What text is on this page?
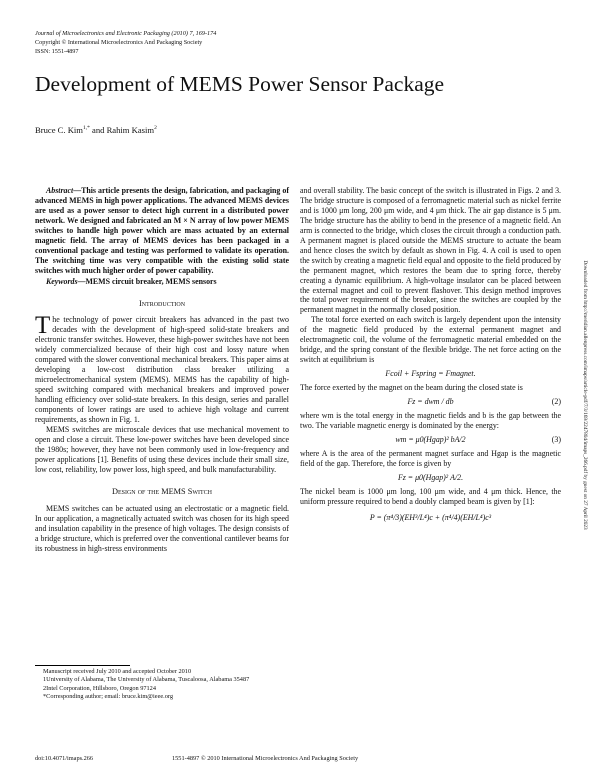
Journal of Microelectronics and Electronic Packaging (2010) 7, 169-174
Copyright © International Microelectronics And Packaging Society
ISSN: 1551-4897
Development of MEMS Power Sensor Package
Bruce C. Kim$^{1,*}$ and Rahim Kasim$^2$

Abstract—This article presents the design, fabrication, and packaging of advanced MEMS in high power applications. The advanced MEMS devices are used as a power sensor to detect high current in a distributed power network. We designed and fabricated an M × N array of low power MEMS switches to handle high power which are mass actuated by an external magnetic field. The array of MEMS devices has been packaged in a conventional package and testing was performed to validate its operation. The switching time was very compatible with the existing solid state switches with much higher order of power capability.

Keywords—MEMS circuit breaker, MEMS sensors

Introduction

The technology of power circuit breakers has advanced in the past two decades with the development of high-speed solid-state breakers and electronic transfer switches. However, these high-power switches have not been widely commercialized because of their high cost and lossy nature when compared with the slower conventional mechanical breakers. This paper aims at developing a low-cost distribution class breaker utilizing a microelectromechanical system (MEMS). MEMS has the capability of high-speed switching compared with mechanical breakers and improved power handling efficiency over solid-state breakers. In this design, series and parallel components of lower ratings are used to achieve high voltage and current requirements, as shown in Fig. 1.

MEMS switches are microscale devices that use mechanical movement to open and close a circuit. These low-power switches have been developed since the 1980s; however, they have not been commonly used in low-frequency and power applications [1]. Benefits of using these devices include their small size, low cost, reliability, low power loss, high speed, and bulk manufacturability.

Design of the MEMS Switch

MEMS switches can be actuated using an electrostatic or a magnetic field. In our application, a magnetically actuated switch was chosen for its high speed and insulation capability in the presence of high voltages. The design consists of a bridge structure, which is preferred over the conventional cantilever beams for its robustness in high-stress environments

and overall stability. The basic concept of the switch is illustrated in Figs. 2 and 3. The bridge structure is composed of a ferromagnetic material such as nickel ferrite and is 1000 μm long, 200 μm wide, and 4 μm thick. The air gap distance is 5 μm. The bridge structure has the ability to bend in the presence of a magnetic field. An arm is connected to the bridge, which closes the circuit through a conduction path. A permanent magnet is placed outside the MEMS structure to actuate the beam and hence closes the switch by default as shown in Fig. 4. A coil is used to open the switch by creating a magnetic field equal and opposite to the field produced by the permanent magnet, which restores the beam due to spring force, thereby creating a dynamic equilibrium. A high-voltage insulator can be placed between the external magnet and coil to prevent flashover. This design method improves the total power requirement of the breaker, since the switches are coupled by the permanent magnet in the normally closed position.

The total force exerted on each switch is largely dependent upon the intensity of the magnetic field produced by the external permanent magnet and electromagnetic coil, the volume of the ferromagnetic material embedded on the bridge, and the spring constant of the flexible bridge. The net force acting on the switch at equilibrium is

Fcoil + Fspring = Fmagnet.

The force exerted by the magnet on the beam during the closed state is

Fz = dwm / db	(2)

where wm is the total energy in the magnetic fields and b is the gap between the two. The variable magnetic energy is dominated by the energy:

wm = μ0(Hgap)² bA/2	(3)

where A is the area of the permanent magnet surface and Hgap is the magnetic field of the gap. Therefore, the force is given by

Fz = μ0(Hgap)² A/2.

The nickel beam is 1000 μm long, 100 μm wide, and 4 μm thick. Hence, the uniform pressure required to bend a doubly clamped beam is given by [1]:

P = (π⁴/3)(EH³/L⁴)c + (π⁴/4)(EH/L⁴)c³

Manuscript received July 2010 and accepted October 2010
1University of Alabama, The University of Alabama, Tuscaloosa, Alabama 35487
2Intel Corporation, Hillsboro, Oregon 97124
*Corresponding author; email: bruce.kim@ieee.org
doi:10.4071/imaps.266	1551-4897 © 2010 International Microelectronics And Packaging Society
Downloaded from http://meridian.allenpress.com/imaps/article-pdf/7/3/169/2247804/imaps_266.pdf by guest on 27 April 2023
